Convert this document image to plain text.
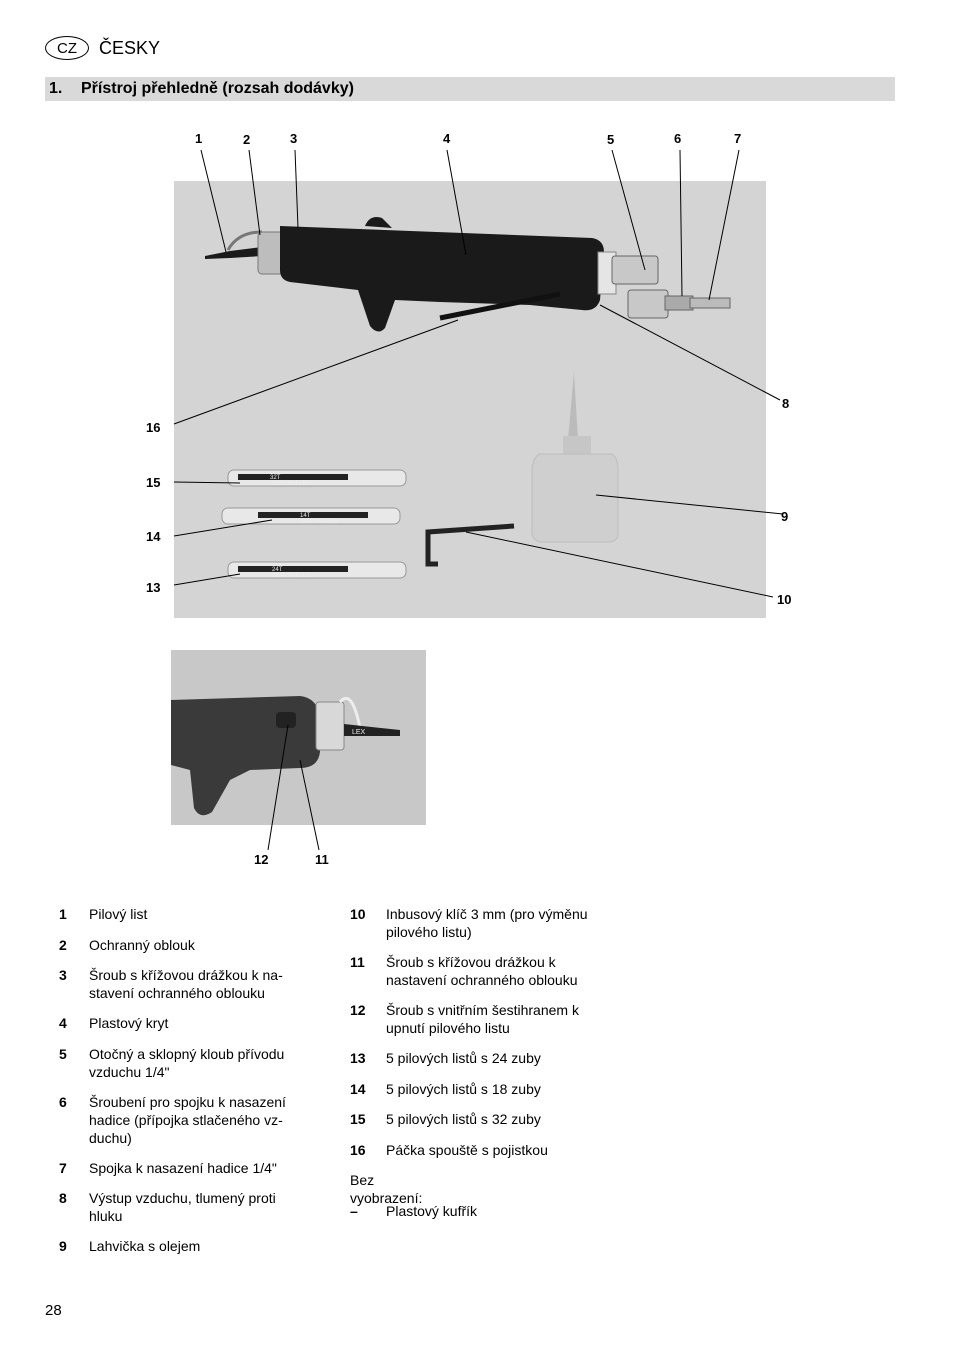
CZ	ČESKY
1.	Přístroj přehledně (rozsah dodávky)
32T
ZIPP 30-FLEX
14T
ZIPP 30-FLEX
24T
ZIPP 30-FLEX
LEX
1	2	3	4	5	6	7
8
9
10
11
12
13
14
15
16
1	Pilový list
2	Ochranný oblouk
3	Šroub s křížovou drážkou k na-stavení ochranného oblouku
4	Plastový kryt
5	Otočný a sklopný kloub přívodu vzduchu 1/4"
6	Šroubení pro spojku k nasazení hadice (přípojka stlačeného vz-duchu)
7	Spojka k nasazení hadice 1/4"
8	Výstup vzduchu, tlumený proti hluku
9	Lahvička s olejem
10	Inbusový klíč 3 mm (pro výměnu pilového listu)
11	Šroub s křížovou drážkou k nastavení ochranného oblouku
12	Šroub s vnitřním šestihranem k upnutí pilového listu
13	5 pilových listů s 24 zuby
14	5 pilových listů s 18 zuby
15	5 pilových listů s 32 zuby
16	Páčka spouště s pojistkou
Bez vyobrazení:
–	Plastový kufřík
28
